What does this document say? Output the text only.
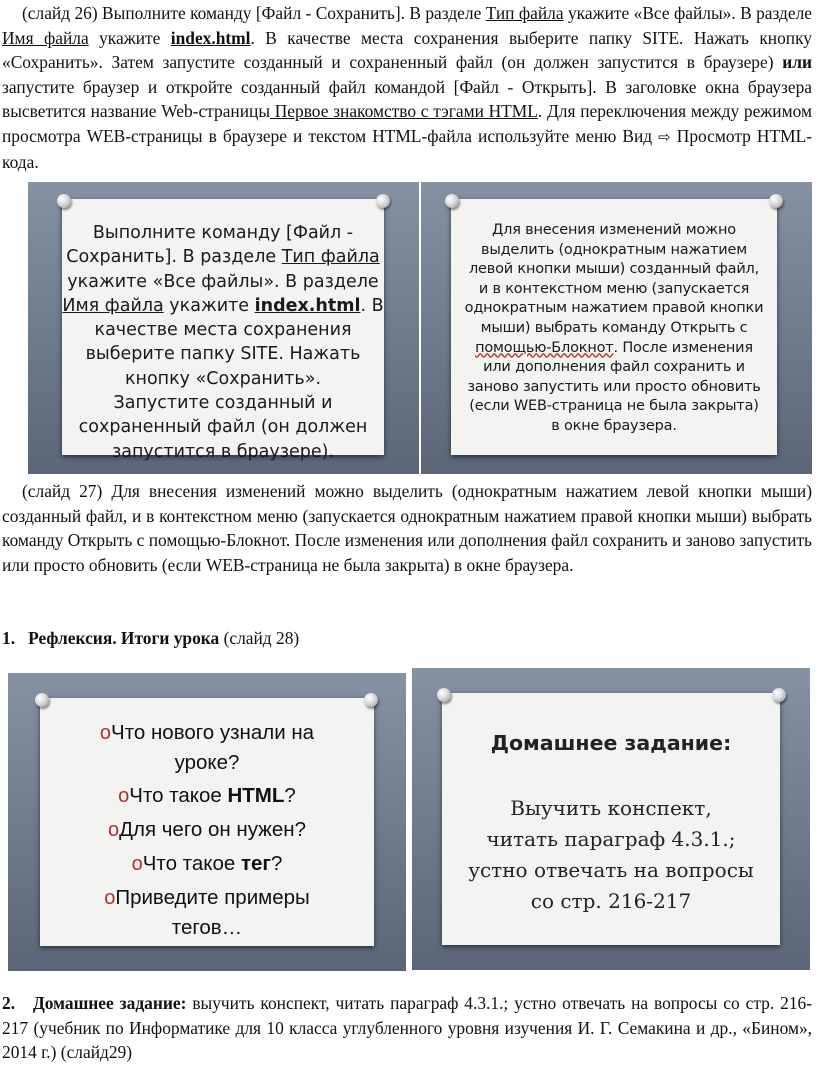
(слайд 26) Выполните команду [Файл - Сохранить]. В разделе Тип файла укажите «Все файлы». В разделе Имя файла укажите index.html. В качестве места сохранения выберите папку SITE. Нажать кнопку «Сохранить». Затем запустите созданный и сохраненный файл (он должен запустится в браузере) или запустите браузер и откройте созданный файл командой [Файл - Открыть]. В заголовке окна браузера высветится название Web-страницы Первое знакомство с тэгами HTML. Для переключения между режимом просмотра WEB-страницы в браузере и текстом HTML-файла используйте меню Вид ⇨ Просмотр HTML-кода.

Выполните команду [Файл -
Сохранить]. В разделе Тип файла
укажите «Все файлы». В разделе
Имя файла укажите index.html. В
качестве места сохранения
выберите папку SITE. Нажать
кнопку «Сохранить».
Запустите созданный и
сохраненный файл (он должен
запустится в браузере).
Для внесения изменений можно
выделить (однократным нажатием
левой кнопки мыши) созданный файл,
и в контекстном меню (запускается
однократным нажатием правой кнопки
мыши) выбрать команду Открыть с
помощью-Блокнот. После изменения
или дополнения файл сохранить и
заново запустить или просто обновить
(если WEB-страница не была закрыта)
в окне браузера.

(слайд 27) Для внесения изменений можно выделить (однократным нажатием левой кнопки мыши) созданный файл, и в контекстном меню (запускается однократным нажатием правой кнопки мыши) выбрать команду Открыть с помощью-Блокнот. После изменения или дополнения файл сохранить и заново запустить или просто обновить (если WEB-страница не была закрыта) в окне браузера.

1. Рефлексия. Итоги урока (слайд 28)

oЧто нового узнали на
уроке?
oЧто такое HTML?
oДля чего он нужен?
oЧто такое тег?
oПриведите примеры
тегов…
Домашнее задание:
Выучить конспект,
читать параграф 4.3.1.;
устно отвечать на вопросы
со стр. 216-217

2. Домашнее задание: выучить конспект, читать параграф 4.3.1.; устно отвечать на вопросы со стр. 216-217 (учебник по Информатике для 10 класса углубленного уровня изучения И. Г. Семакина и др., «Бином», 2014 г.) (слайд29)
